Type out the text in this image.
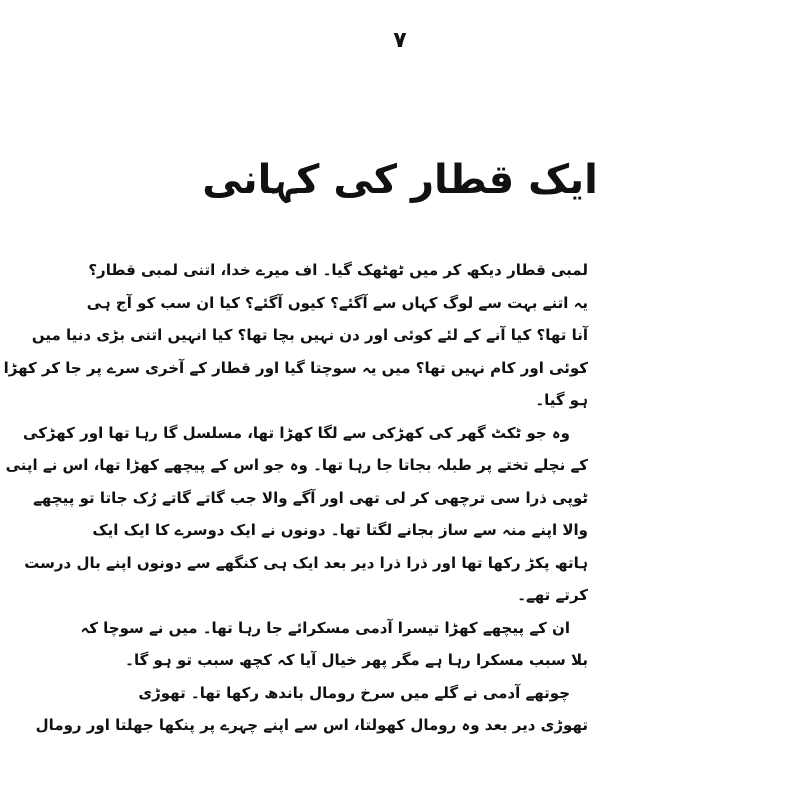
۷
ایک قطار کی کہانی
لمبی قطار دیکھ کر میں ٹھٹھک گیا۔ اف میرے خدا، اتنی لمبی قطار؟
یہ اتنے بہت سے لوگ کہاں سے آگئے؟ کیوں آگئے؟ کیا ان سب کو آج ہی
آنا تھا؟ کیا آنے کے لئے کوئی اور دن نہیں بچا تھا؟ کیا انہیں اتنی بڑی دنیا میں
کوئی اور کام نہیں تھا؟ میں یہ سوچتا گیا اور قطار کے آخری سرے پر جا کر کھڑا
ہو گیا۔
وہ جو ٹکٹ گھر کی کھڑکی سے لگا کھڑا تھا، مسلسل گا رہا تھا اور کھڑکی
کے نچلے تختے پر طبلہ بجاتا جا رہا تھا۔ وہ جو اس کے پیچھے کھڑا تھا، اس نے اپنی
ٹوپی ذرا سی ترچھی کر لی تھی اور آگے والا جب گاتے گاتے رُک جاتا تو پیچھے
والا اپنے منہ سے ساز بجانے لگتا تھا۔ دونوں نے ایک دوسرے کا ایک ایک
ہاتھ پکڑ رکھا تھا اور ذرا ذرا دیر بعد ایک ہی کنگھے سے دونوں اپنے بال درست
کرتے تھے۔
ان کے پیچھے کھڑا تیسرا آدمی مسکرائے جا رہا تھا۔ میں نے سوچا کہ
بلا سبب مسکرا رہا ہے مگر پھر خیال آیا کہ کچھ سبب تو ہو گا۔
چوتھے آدمی نے گلے میں سرخ رومال باندھ رکھا تھا۔ تھوڑی
تھوڑی دیر بعد وہ رومال کھولتا، اس سے اپنے چہرے پر پنکھا جھلتا اور رومال
